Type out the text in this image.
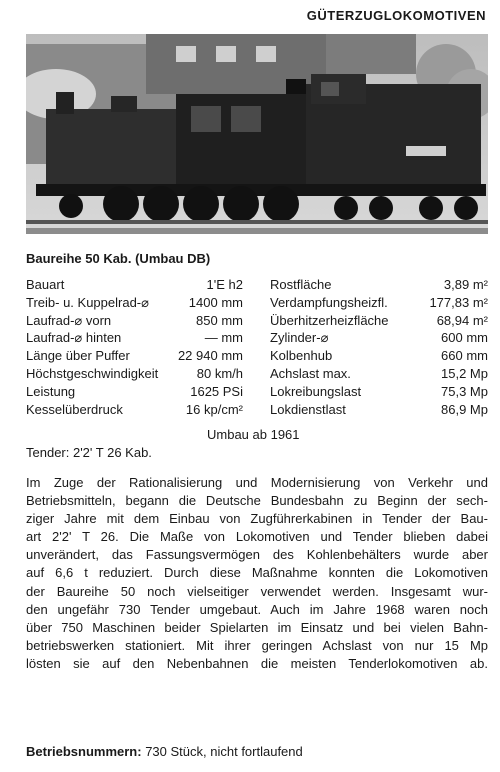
GÜTERZUGLOKOMOTIVEN
Baureihe 50 Kab. (Umbau DB)
Bauart	1'E h2 Rostfläche	3,89 m²
Treib- u. Kuppelrad-⌀	1400 mm Verdampfungsheizfl.	177,83 m²
Laufrad-⌀ vorn	850 mm Überhitzerheizfläche	68,94 m²
Laufrad-⌀ hinten	— mm Zylinder-⌀	600 mm
Länge über Puffer	22 940 mm Kolbenhub	660 mm
Höchstgeschwindigkeit	80 km/h Achslast max.	15,2 Mp
Leistung	1625 PSi Lokreibungslast	75,3 Mp
Kesselüberdruck	16 kp/cm² Lokdienstlast	86,9 Mp
Umbau ab 1961
Tender: 2'2' T 26 Kab.
Im Zuge der Rationalisierung und Modernisierung von Verkehr und
Betriebsmitteln, begann die Deutsche Bundesbahn zu Beginn der sech-
ziger Jahre mit dem Einbau von Zugführerkabinen in Tender der Bau-
art 2'2' T 26. Die Maße von Lokomotiven und Tender blieben dabei
unverändert, das Fassungsvermögen des Kohlenbehälters wurde aber
auf 6,6 t reduziert. Durch diese Maßnahme konnten die Lokomotiven
der Baureihe 50 noch vielseitiger verwendet werden. Insgesamt wur-
den ungefähr 730 Tender umgebaut. Auch im Jahre 1968 waren noch
über 750 Maschinen beider Spielarten im Einsatz und bei vielen Bahn-
betriebswerken stationiert. Mit ihrer geringen Achslast von nur 15 Mp
lösten sie auf den Nebenbahnen die meisten Tenderlokomotiven ab.
Betriebsnummern: 730 Stück, nicht fortlaufend
